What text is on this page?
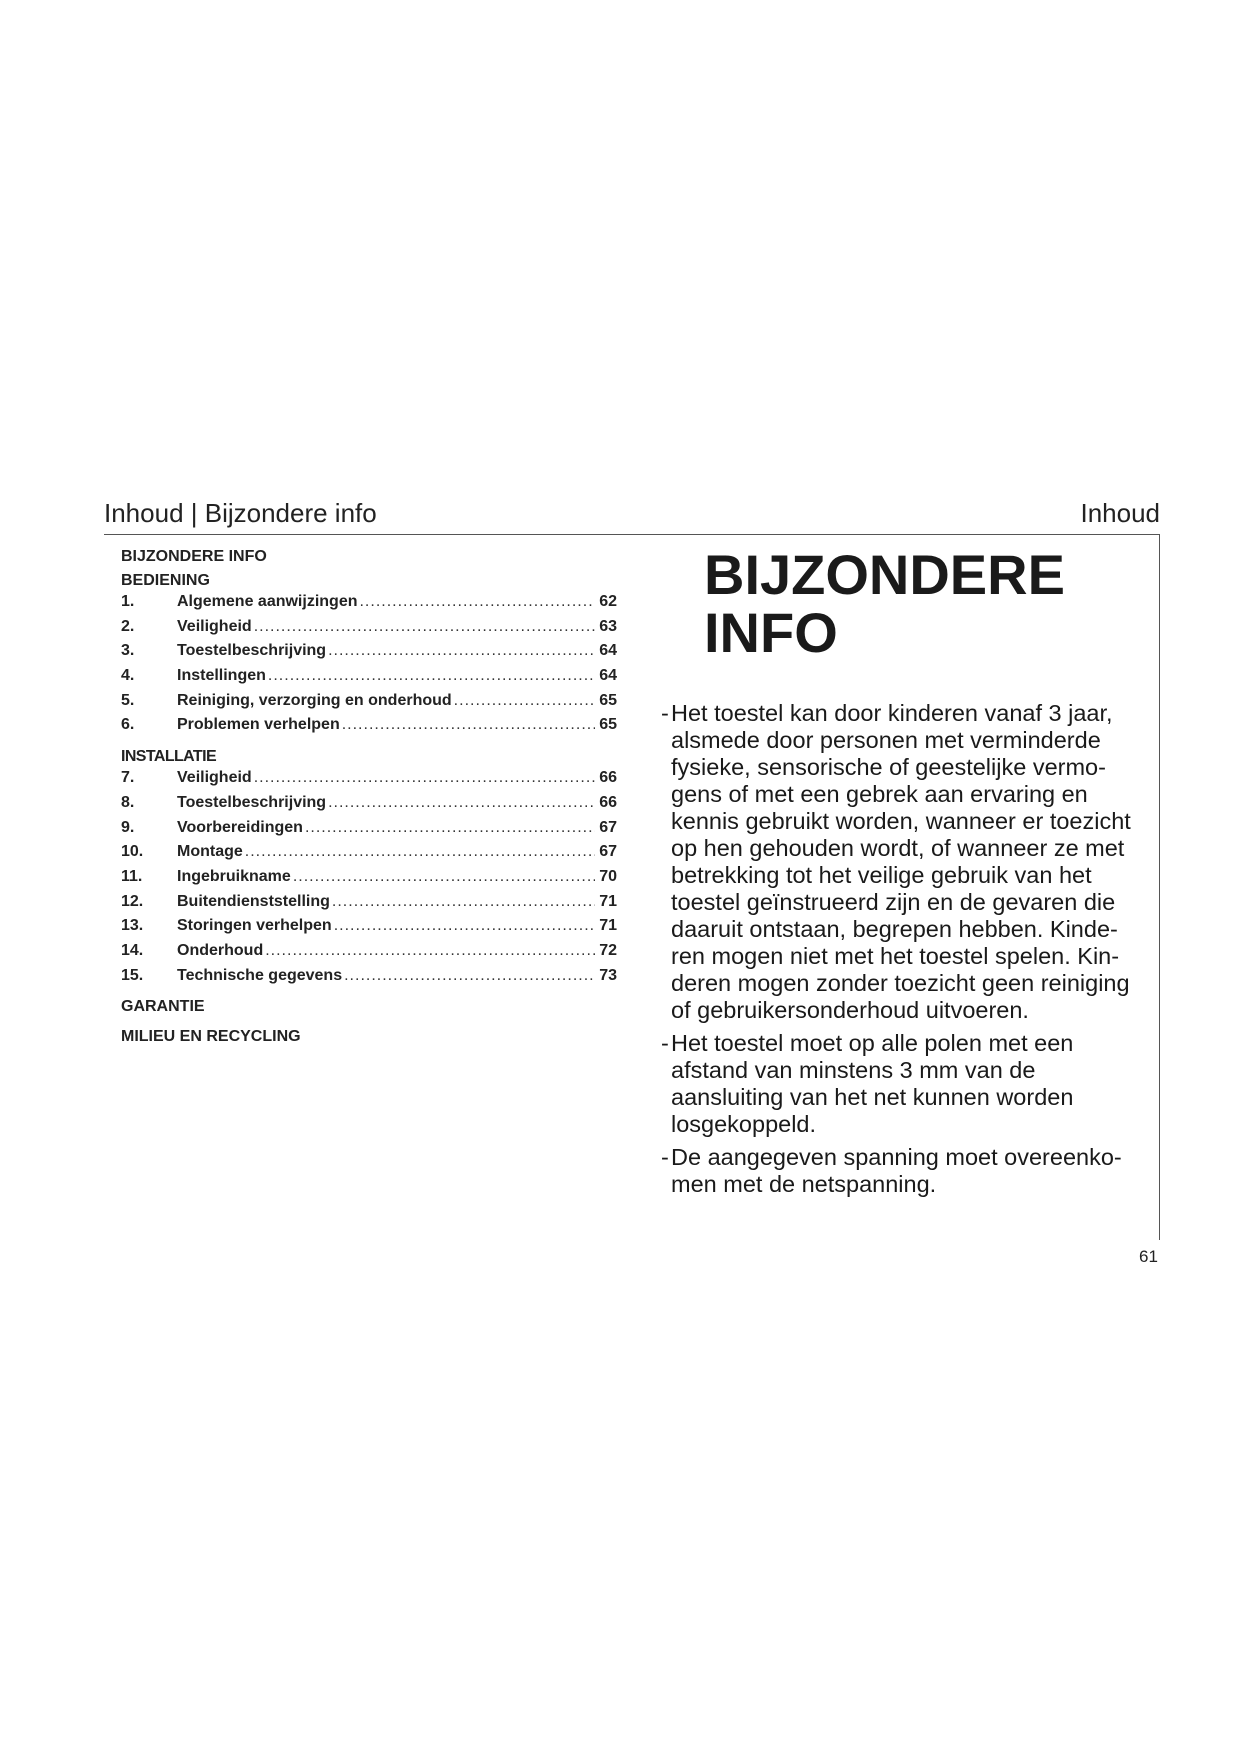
Inhoud | Bijzondere info	Inhoud
BIJZONDERE INFO
BEDIENING
1.	Algemene aanwijzingen .....	62
2.	Veiligheid .....	63
3.	Toestelbeschrijving .....	64
4.	Instellingen .....	64
5.	Reiniging, verzorging en onderhoud .....	65
6.	Problemen verhelpen .....	65
INSTALLATIE
7.	Veiligheid .....	66
8.	Toestelbeschrijving .....	66
9.	Voorbereidingen .....	67
10.	Montage .....	67
11.	Ingebruikname .....	70
12.	Buitendienststelling .....	71
13.	Storingen verhelpen .....	71
14.	Onderhoud .....	72
15.	Technische gegevens .....	73
GARANTIE
MILIEU EN RECYCLING
BIJZONDERE
INFO
- Het toestel kan door kinderen vanaf 3 jaar,
alsmede door personen met verminderde
fysieke, sensorische of geestelijke vermo-
gens of met een gebrek aan ervaring en
kennis gebruikt worden, wanneer er toezicht
op hen gehouden wordt, of wanneer ze met
betrekking tot het veilige gebruik van het
toestel geïnstrueerd zijn en de gevaren die
daaruit ontstaan, begrepen hebben. Kinde-
ren mogen niet met het toestel spelen. Kin-
deren mogen zonder toezicht geen reiniging
of gebruikersonderhoud uitvoeren.
- Het toestel moet op alle polen met een
afstand van minstens 3 mm van de
aansluiting van het net kunnen worden
losgekoppeld.
- De aangegeven spanning moet overeenko-
men met de netspanning.
61
